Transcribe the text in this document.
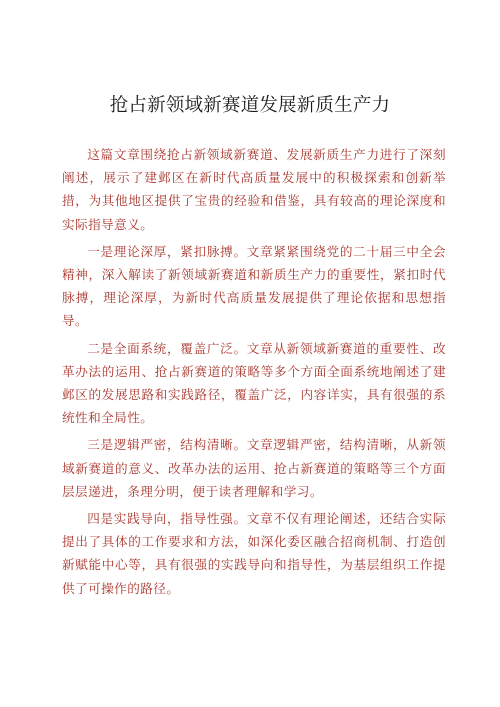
抢占新领域新赛道发展新质生产力

这篇文章围绕抢占新领域新赛道、发展新质生产力进行了深刻阐述，展示了建邺区在新时代高质量发展中的积极探索和创新举措，为其他地区提供了宝贵的经验和借鉴，具有较高的理论深度和实际指导意义。

一是理论深厚，紧扣脉搏。文章紧紧围绕党的二十届三中全会精神，深入解读了新领域新赛道和新质生产力的重要性，紧扣时代脉搏，理论深厚，为新时代高质量发展提供了理论依据和思想指导。

二是全面系统，覆盖广泛。文章从新领域新赛道的重要性、改革办法的运用、抢占新赛道的策略等多个方面全面系统地阐述了建邺区的发展思路和实践路径，覆盖广泛，内容详实，具有很强的系统性和全局性。

三是逻辑严密，结构清晰。文章逻辑严密，结构清晰，从新领域新赛道的意义、改革办法的运用、抢占新赛道的策略等三个方面层层递进，条理分明，便于读者理解和学习。

四是实践导向，指导性强。文章不仅有理论阐述，还结合实际提出了具体的工作要求和方法，如深化委区融合招商机制、打造创新赋能中心等，具有很强的实践导向和指导性，为基层组织工作提供了可操作的路径。
